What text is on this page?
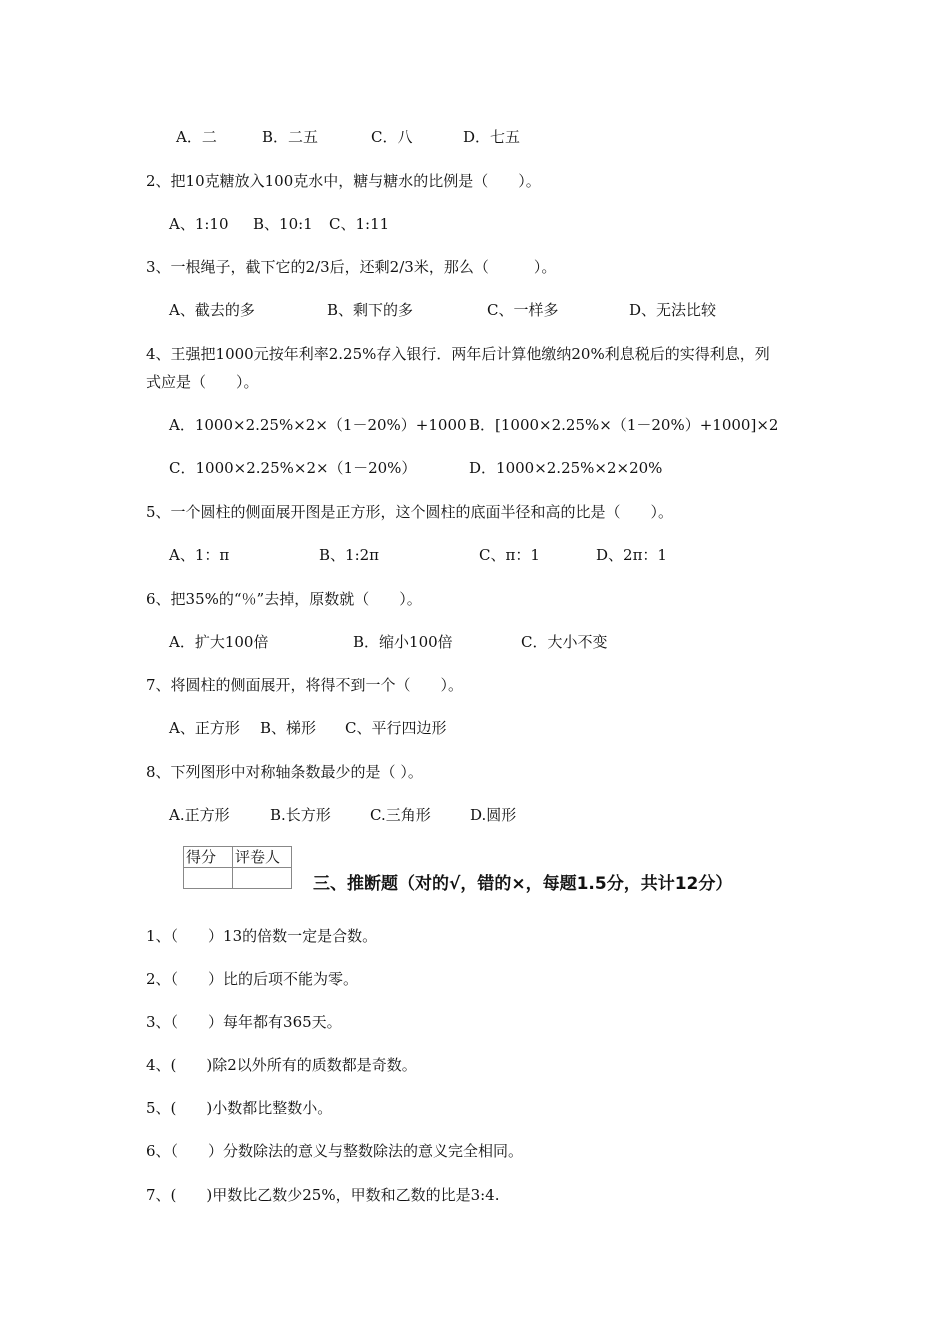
A．二	B．二五	C．八	D．七五
2、把10克糖放入100克水中，糖与糖水的比例是（　　）。
A、1:10 B、10:1 C、1:11
3、一根绳子，截下它的2/3后，还剩2/3米，那么（　　　）。
A、截去的多	B、剩下的多	C、一样多	D、无法比较
4、王强把1000元按年利率2.25%存入银行．两年后计算他缴纳20%利息税后的实得利息，列
式应是（　　）。
A．1000×2.25%×2×（1－20%）+1000 B．[1000×2.25%×（1－20%）+1000]×2
C．1000×2.25%×2×（1－20%）	D．1000×2.25%×2×20%
5、一个圆柱的侧面展开图是正方形，这个圆柱的底面半径和高的比是（　　）。
A、1：π	B、1:2π	C、π：1	D、2π：1
6、把35%的“％”去掉，原数就（　　）。
A．扩大100倍	B．缩小100倍	C．大小不变
7、将圆柱的侧面展开，将得不到一个（　　）。
A、正方形 B、梯形 C、平行四边形
8、下列图形中对称轴条数最少的是（ ）。
A.正方形	B.长方形	C.三角形	D.圆形
得分	评卷人

三、推断题（对的√，错的×，每题1.5分，共计12分）
1、（　　）13的倍数一定是合数。
2、（　　）比的后项不能为零。
3、（　　）每年都有365天。
4、(　　)除2以外所有的质数都是奇数。
5、(　　)小数都比整数小。
6、（　　）分数除法的意义与整数除法的意义完全相同。
7、(　　)甲数比乙数少25%，甲数和乙数的比是3:4.
